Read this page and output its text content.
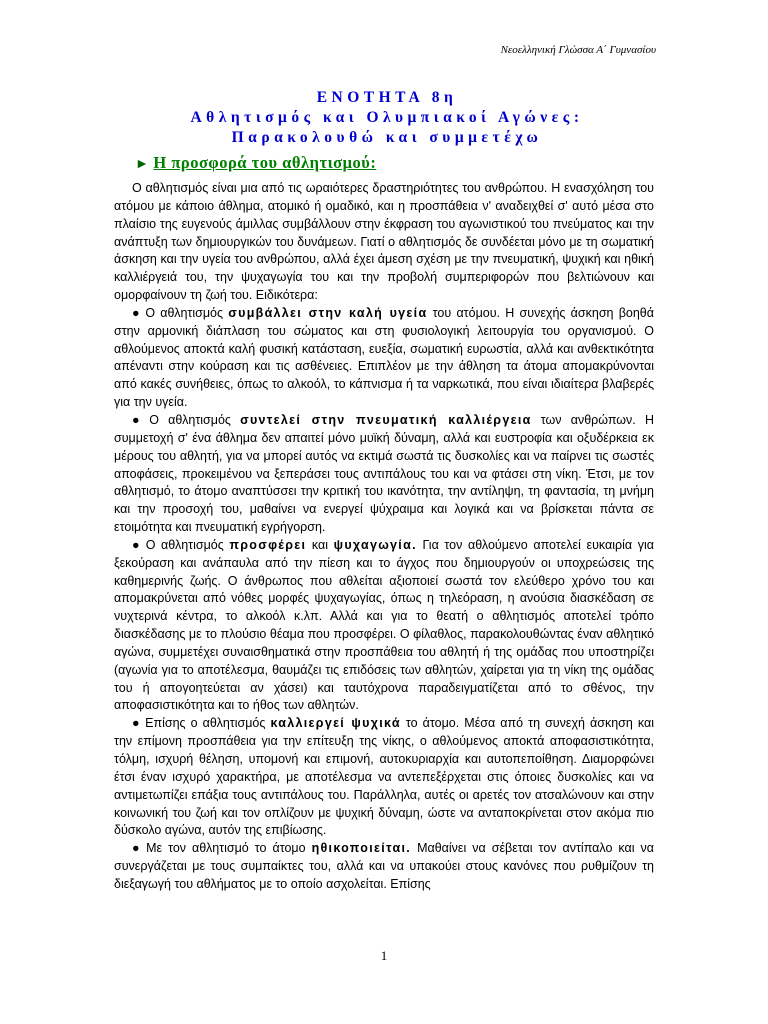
Νεοελληνική Γλώσσα Α΄ Γυμνασίου
ΕΝΟΤΗΤΑ 8η
Αθλητισμός και Ολυμπιακοί Αγώνες:
Παρακολουθώ και συμμετέχω
► Η προσφορά του αθλητισμού:

Ο αθλητισμός είναι μια από τις ωραιότερες δραστηριότητες του ανθρώπου. Η ενασχόληση του ατόμου με κάποιο άθλημα, ατομικό ή ομαδικό, και η προσπάθεια ν' αναδειχθεί σ' αυτό μέσα στο πλαίσιο της ευγενούς άμιλλας συμβάλλουν στην έκφραση του αγωνιστικού του πνεύματος και την ανάπτυξη των δημιουργικών του δυνάμεων. Γιατί ο αθλητισμός δε συνδέεται μόνο με τη σωματική άσκηση και την υγεία του ανθρώπου, αλλά έχει άμεση σχέση με την πνευματική, ψυχική και ηθική καλλιέργειά του, την ψυχαγωγία του και την προβολή συμπεριφορών που βελτιώνουν και ομορφαίνουν τη ζωή του. Ειδικότερα:

● Ο αθλητισμός συμβάλλει στην καλή υγεία του ατόμου. Η συνεχής άσκηση βοηθά στην αρμονική διάπλαση του σώματος και στη φυσιολογική λειτουργία του οργανισμού. Ο αθλούμενος αποκτά καλή φυσική κατάσταση, ευεξία, σωματική ευρωστία, αλλά και ανθεκτικότητα απέναντι στην κούραση και τις ασθένειες. Επιπλέον με την άθληση τα άτομα απομακρύνονται από κακές συνήθειες, όπως το αλκοόλ, το κάπνισμα ή τα ναρκωτικά, που είναι ιδιαίτερα βλαβερές για την υγεία.

● Ο αθλητισμός συντελεί στην πνευματική καλλιέργεια των ανθρώπων. Η συμμετοχή σ' ένα άθλημα δεν απαιτεί μόνο μυϊκή δύναμη, αλλά και ευστροφία και οξυδέρκεια εκ μέρους του αθλητή, για να μπορεί αυτός να εκτιμά σωστά τις δυσκολίες και να παίρνει τις σωστές αποφάσεις, προκειμένου να ξεπεράσει τους αντιπάλους του και να φτάσει στη νίκη. Έτσι, με τον αθλητισμό, το άτομο αναπτύσσει την κριτική του ικανότητα, την αντίληψη, τη φαντασία, τη μνήμη και την προσοχή του, μαθαίνει να ενεργεί ψύχραιμα και λογικά και να βρίσκεται πάντα σε ετοιμότητα και πνευματική εγρήγορση.

● Ο αθλητισμός προσφέρει και ψυχαγωγία. Για τον αθλούμενο αποτελεί ευκαιρία για ξεκούραση και ανάπαυλα από την πίεση και το άγχος που δημιουργούν οι υποχρεώσεις της καθημερινής ζωής. Ο άνθρωπος που αθλείται αξιοποιεί σωστά τον ελεύθερο χρόνο του και απομακρύνεται από νόθες μορφές ψυχαγωγίας, όπως η τηλεόραση, η ανούσια διασκέδαση σε νυχτερινά κέντρα, το αλκοόλ κ.λπ. Αλλά και για το θεατή ο αθλητισμός αποτελεί τρόπο διασκέδασης με το πλούσιο θέαμα που προσφέρει. Ο φίλαθλος, παρακολουθώντας έναν αθλητικό αγώνα, συμμετέχει συναισθηματικά στην προσπάθεια του αθλητή ή της ομάδας που υποστηρίζει (αγωνία για το αποτέλεσμα, θαυμάζει τις επιδόσεις των αθλητών, χαίρεται για τη νίκη της ομάδας του ή απογοητεύεται αν χάσει) και ταυτόχρονα παραδειγματίζεται από το σθένος, την αποφασιστικότητα και το ήθος των αθλητών.

● Επίσης ο αθλητισμός καλλιεργεί ψυχικά το άτομο. Μέσα από τη συνεχή άσκηση και την επίμονη προσπάθεια για την επίτευξη της νίκης, ο αθλούμενος αποκτά αποφασιστικότητα, τόλμη, ισχυρή θέληση, υπομονή και επιμονή, αυτοκυριαρχία και αυτοπεποίθηση. Διαμορφώνει έτσι έναν ισχυρό χαρακτήρα, με αποτέλεσμα να αντεπεξέρχεται στις όποιες δυσκολίες και να αντιμετωπίζει επάξια τους αντιπάλους του. Παράλληλα, αυτές οι αρετές τον ατσαλώνουν και στην κοινωνική του ζωή και τον οπλίζουν με ψυχική δύναμη, ώστε να ανταποκρίνεται στον ακόμα πιο δύσκολο αγώνα, αυτόν της επιβίωσης.

● Με τον αθλητισμό το άτομο ηθικοποιείται. Μαθαίνει να σέβεται τον αντίπαλο και να συνεργάζεται με τους συμπαίκτες του, αλλά και να υπακούει στους κανόνες που ρυθμίζουν τη διεξαγωγή του αθλήματος με το οποίο ασχολείται. Επίσης

1
